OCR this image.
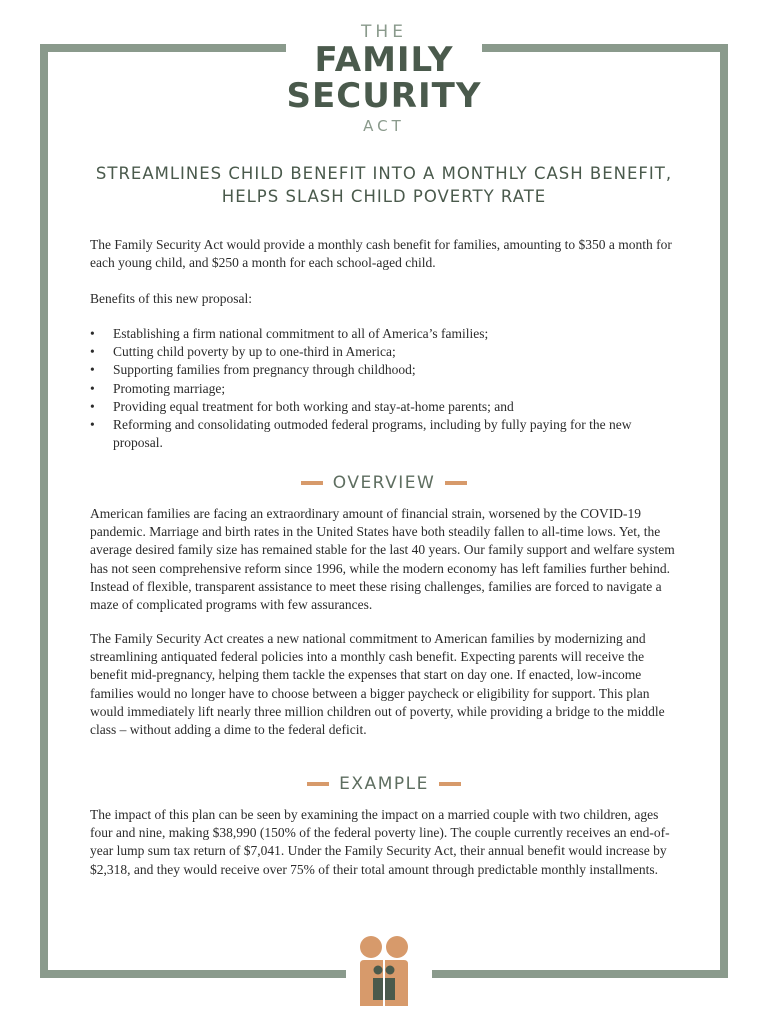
THE
FAMILY
SECURITY
ACT
STREAMLINES CHILD BENEFIT INTO A MONTHLY CASH BENEFIT,
HELPS SLASH CHILD POVERTY RATE

The Family Security Act would provide a monthly cash benefit for families, amounting to $350 a month for each young child, and $250 a month for each school-aged child.

Benefits of this new proposal:

• Establishing a firm national commitment to all of America’s families;
• Cutting child poverty by up to one-third in America;
• Supporting families from pregnancy through childhood;
• Promoting marriage;
• Providing equal treatment for both working and stay-at-home parents; and
• Reforming and consolidating outmoded federal programs, including by fully paying for the new proposal.
OVERVIEW

American families are facing an extraordinary amount of financial strain, worsened by the COVID-19 pandemic. Marriage and birth rates in the United States have both steadily fallen to all-time lows. Yet, the average desired family size has remained stable for the last 40 years. Our family support and welfare system has not seen comprehensive reform since 1996, while the modern economy has left families further behind. Instead of flexible, transparent assistance to meet these rising challenges, families are forced to navigate a maze of complicated programs with few assurances.

The Family Security Act creates a new national commitment to American families by modernizing and streamlining antiquated federal policies into a monthly cash benefit. Expecting parents will receive the benefit mid-pregnancy, helping them tackle the expenses that start on day one. If enacted, low-income families would no longer have to choose between a bigger paycheck or eligibility for support. This plan would immediately lift nearly three million children out of poverty, while providing a bridge to the middle class – without adding a dime to the federal deficit.

EXAMPLE

The impact of this plan can be seen by examining the impact on a married couple with two children, ages four and nine, making $38,990 (150% of the federal poverty line). The couple currently receives an end-of-year lump sum tax return of $7,041. Under the Family Security Act, their annual benefit would increase by $2,318, and they would receive over 75% of their total amount through predictable monthly installments.
